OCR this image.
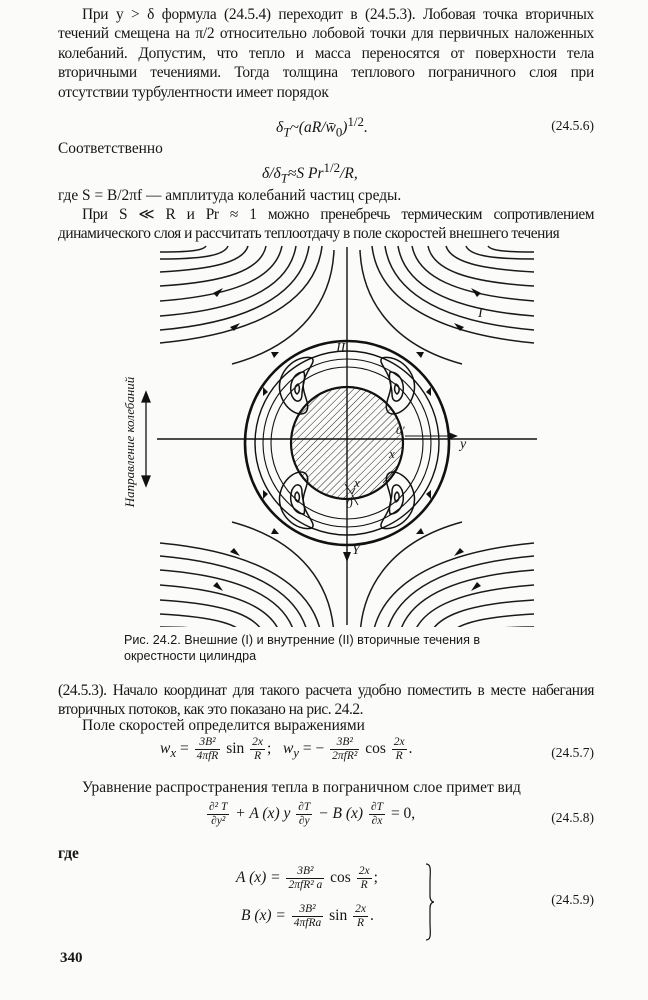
При y > δ формула (24.5.4) переходит в (24.5.3). Лобовая точка вторичных течений смещена на π/2 относительно лобовой точки для первичных наложенных колебаний. Допустим, что тепло и масса переносятся от поверхности тела вторичными течениями. Тогда толщина теплового пограничного слоя при отсутствии турбулентности имеет порядок

$\delta_T\sim(aR/w̄_0)^{1/2}$.	(24.5.6)

Соответственно

$\delta/\delta_T\approx S$ $Pr^{1/2}/R$,

где S = B/2πf — амплитуда колебаний частиц среды.

При S ≪ R и Pr ≈ 1 можно пренебречь термическим сопротивлением динамического слоя и рассчитать теплоотдачу в поле скоростей внешнего течения

Направление колебаний
I
II
0'
y
x
x
0
Y
Рис. 24.2. Внешние (I) и внутренние (II) вторичные течения в окрестности цилиндра

(24.5.3). Начало координат для такого расчета удобно поместить в месте набегания вторичных потоков, как это показано на рис. 24.2.

Поле скоростей определится выражениями

$w_x = \frac{\text{3B²}}{\text{4πfR}}$ $\sin \frac{2x}{R}$ ; $w_y$ = − $\frac{\text{3B²}}{\text{2πfR²}}$ $\cos \frac{2x}{R}$ .	(24.5.7)

Уравнение распространения тепла в пограничном слое примет вид

$\frac{\text{∂² T}}{\text{∂y²}} + A$ (x) y $\frac{\partial T}{\partial y} - B$ $(x) \frac{\partial T}{\partial x} = 0$,	(24.5.8)

где

A $(x) = \frac{\text{3B²}}{\text{2πfR² a}}$ $\cos \frac{2x}{R}$ ;
B $(x) = \frac{\text{3B²}}{\text{4πfRa}}$ $\sin \frac{2x}{R}$ .
(24.5.9)
340
